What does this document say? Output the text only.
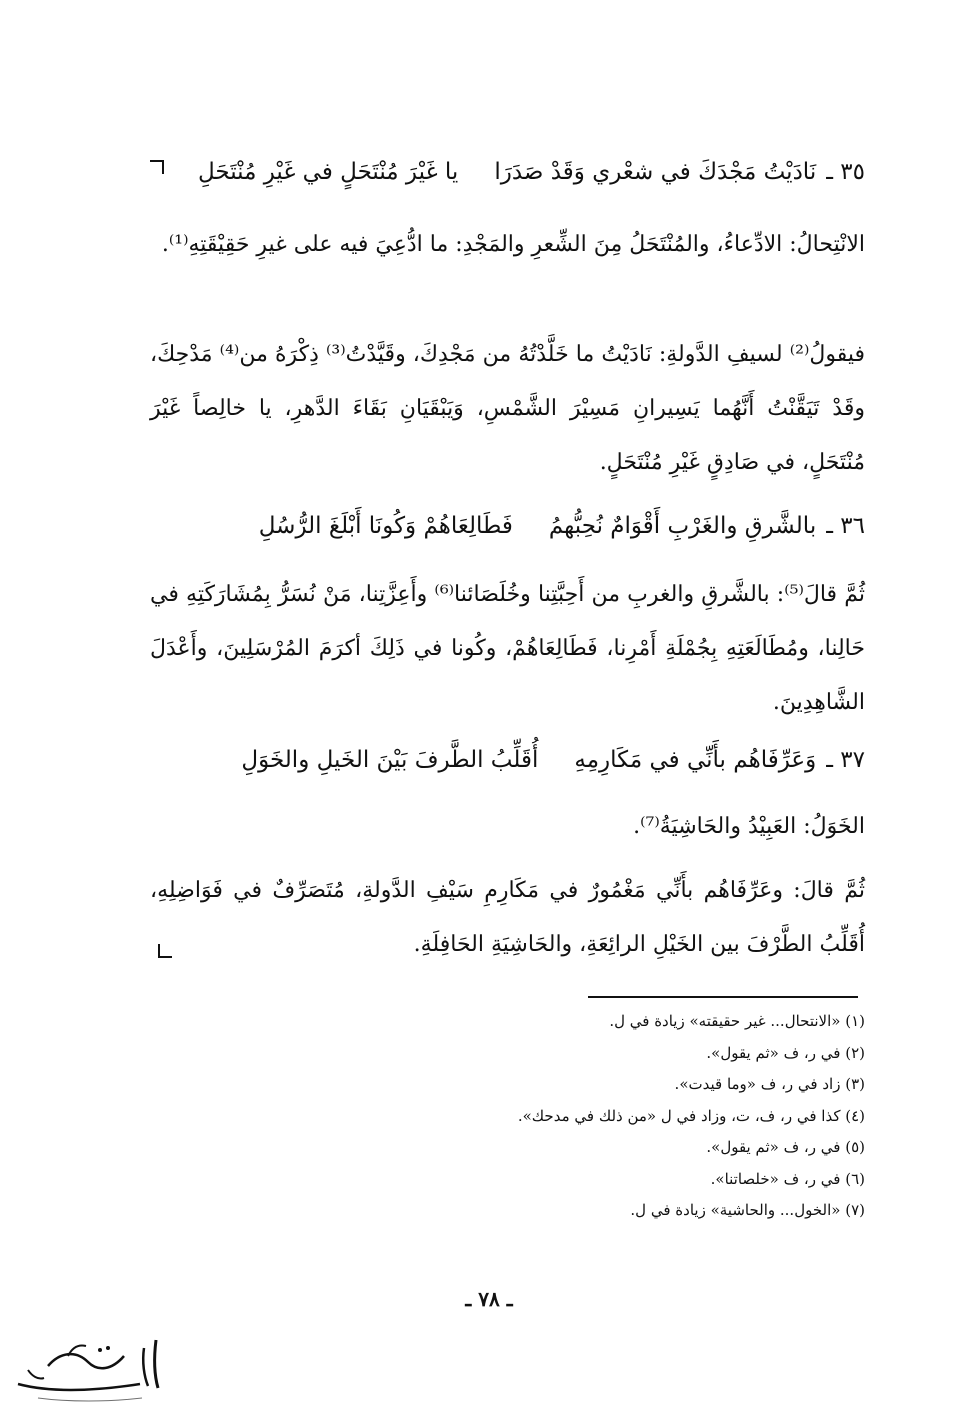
٣٥ ـ
نَادَيْتُ مَجْدَكَ في شعْري وَقَدْ صَدَرَا
يا غَيْرَ مُنْتَحَلٍ في غَيْرِ مُنْتَحَلِ
الانْتِحالُ: الادِّعاءُ، والمُنْتَحَلُ مِنَ الشِّعرِ والمَجْدِ: ما ادُّعِيَ فيه على غيرِ حَقِيْقَتِهِ⁽¹⁾.
فيقولُ⁽²⁾ لسيفِ الدَّولةِ: نَادَيْتُ ما خَلَّدْتُهُ من مَجْدِكَ، وقَيَّدْتُ⁽³⁾ ذِكْرَهُ من⁽⁴⁾ مَدْحِكَ، وقَدْ تَيَقَّنْتُ أَنَّهُما يَسِيرانِ مَسِيْرَ الشَّمْسِ، وَيَبْقَيَانِ بَقَاءَ الدَّهرِ، يا خالِصاً غَيْرَ مُنْتَحَلٍ، في صَادِقٍ غَيْرِ مُنْتَحَلٍ.
٣٦ ـ
بالشَّرقِ والغَرْبِ أَقْوَامٌ نُحِبُّهمُ
فَطَالِعَاهُمْ وَكُونَا أَبْلَغَ الرُّسُلِ
ثُمَّ قالَ⁽⁵⁾: بالشَّرقِ والغربِ من أَحِبَّتِنا وخُلَصَائنا⁽⁶⁾ وأَعِزَّتِنا، مَنْ نُسَرُّ بِمُشَارَكَتِهِ في حَالِنا، ومُطَالَعَتِهِ بِجُمْلَةِ أَمْرِنا، فَطَالِعَاهُمْ، وكُونا في ذَلِكَ أكرَمَ المُرْسَلِينَ، وأَعْدَلَ الشَّاهِدِينَ.
٣٧ ـ
وَعَرِّفَاهُم بأَنِّي في مَكَارِمِهِ
أُقَلِّبُ الطَّرفَ بَيْنَ الخَيلِ والخَوَلِ
الخَوَلُ: العَبِيْدُ والحَاشِيَةُ⁽⁷⁾.
ثُمَّ قالَ: وعَرِّفَاهُم بأَنِّي مَغْمُورٌ في مَكَارِمِ سَيْفِ الدَّولةِ، مُتَصَرِّفٌ في فَوَاضِلِهِ، أُقَلِّبُ الطَّرْفَ بين الخَيْلِ الرائِعَةِ، والحَاشِيَةِ الحَافِلَةِ.
(١) «الانتحال... غير حقيقته» زيادة في ل.
(٢) في ر، ف «ثم يقول».
(٣) زاد في ر، ف «وما قيدت».
(٤) كذا في ر، ف، ت، وزاد في ل «من ذلك في مدحك».
(٥) في ر، ف «ثم يقول».
(٦) في ر، ف «خلصاتنا».
(٧) «الخول... والحاشية» زيادة في ل.
ـ ٧٨ ـ
